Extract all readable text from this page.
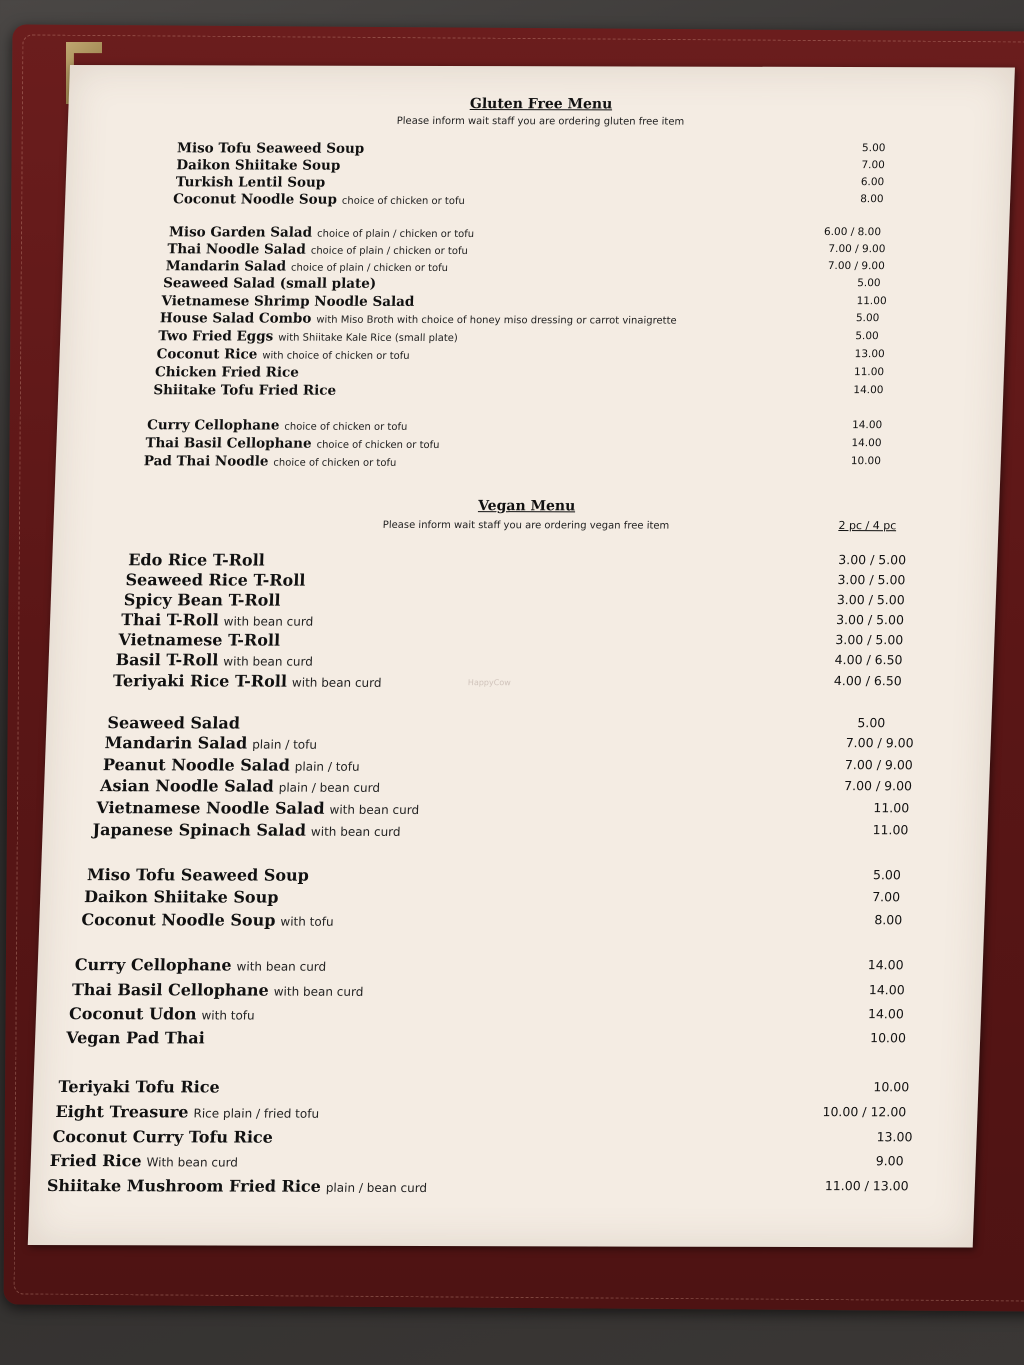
Gluten Free Menu
Please inform wait staff you are ordering gluten free item
Miso Tofu Seaweed Soup	5.00
Daikon Shiitake Soup	7.00
Turkish Lentil Soup	6.00
Coconut Noodle Soup choice of chicken or tofu	8.00
Miso Garden Salad choice of plain / chicken or tofu	6.00 / 8.00
Thai Noodle Salad choice of plain / chicken or tofu	7.00 / 9.00
Mandarin Salad choice of plain / chicken or tofu	7.00 / 9.00
Seaweed Salad (small plate)	5.00
Vietnamese Shrimp Noodle Salad	11.00
House Salad Combo with Miso Broth with choice of honey miso dressing or carrot vinaigrette	5.00
Two Fried Eggs with Shiitake Kale Rice (small plate)	5.00
Coconut Rice with choice of chicken or tofu	13.00
Chicken Fried Rice	11.00
Shiitake Tofu Fried Rice	14.00
Curry Cellophane choice of chicken or tofu	14.00
Thai Basil Cellophane choice of chicken or tofu	14.00
Pad Thai Noodle choice of chicken or tofu	10.00
Vegan Menu
Please inform wait staff you are ordering vegan free item	2 pc / 4 pc
Edo Rice T-Roll	3.00 / 5.00
Seaweed Rice T-Roll	3.00 / 5.00
Spicy Bean T-Roll	3.00 / 5.00
Thai T-Roll with bean curd	3.00 / 5.00
Vietnamese T-Roll	3.00 / 5.00
Basil T-Roll with bean curd	4.00 / 6.50
Teriyaki Rice T-Roll with bean curd	4.00 / 6.50
Seaweed Salad	5.00
Mandarin Salad plain / tofu	7.00 / 9.00
Peanut Noodle Salad plain / tofu	7.00 / 9.00
Asian Noodle Salad plain / bean curd	7.00 / 9.00
Vietnamese Noodle Salad with bean curd	11.00
Japanese Spinach Salad with bean curd	11.00
Miso Tofu Seaweed Soup	5.00
Daikon Shiitake Soup	7.00
Coconut Noodle Soup with tofu	8.00
Curry Cellophane with bean curd	14.00
Thai Basil Cellophane with bean curd	14.00
Coconut Udon with tofu	14.00
Vegan Pad Thai	10.00
Teriyaki Tofu Rice	10.00
Eight Treasure Rice plain / fried tofu	10.00 / 12.00
Coconut Curry Tofu Rice	13.00
Fried Rice With bean curd	9.00
Shiitake Mushroom Fried Rice plain / bean curd	11.00 / 13.00
HappyCow
